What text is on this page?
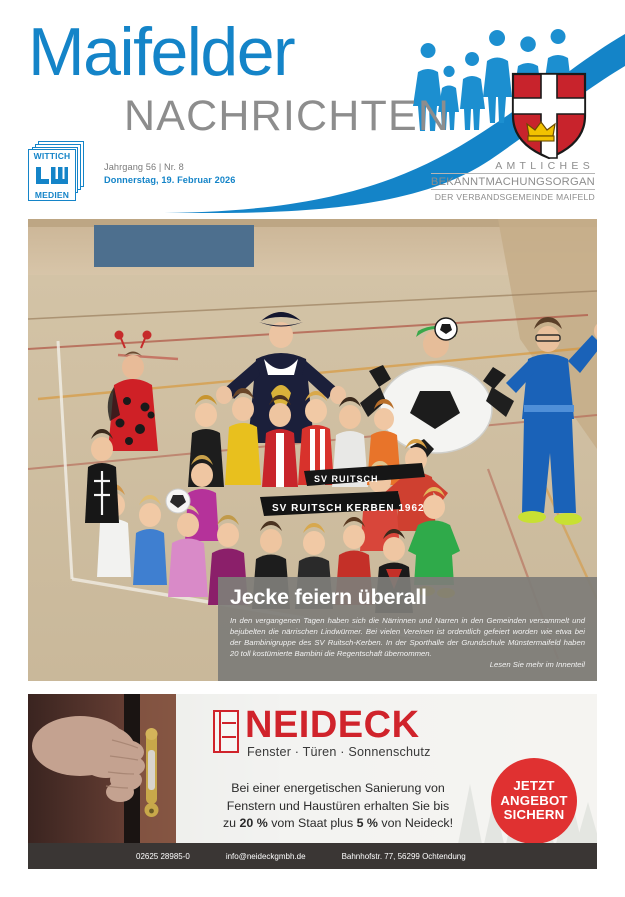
Maifelder
NACHRICHTEN
WITTICH
MEDIEN
Jahrgang 56 | Nr. 8
Donnerstag, 19. Februar 2026
AMTLICHES
BEKANNTMACHUNGSORGAN
DER VERBANDSGEMEINDE MAIFELD
SV RUITSCH
SV RUITSCH KERBEN 1962
Jecke feiern überall
In den vergangenen Tagen haben sich die Närrinnen und Narren in den Gemeinden versammelt und bejubelten die närrischen Lindwürmer. Bei vielen Vereinen ist ordentlich gefeiert worden wie etwa bei der Bambinigruppe des SV Ruitsch-Kerben. In der Sporthalle der Grundschule Münstermaifeld haben 20 toll kostümierte Bambini die Regentschaft übernommen.
Lesen Sie mehr im Innenteil
NEIDECK
Fenster · Türen · Sonnenschutz
Bei einer energetischen Sanierung von
Fenstern und Haustüren erhalten Sie bis
zu 20 % vom Staat plus 5 % von Neideck!
JETZT
ANGEBOT
SICHERN
02625 28985-0	info@neideckgmbh.de	Bahnhofstr. 77, 56299 Ochtendung
